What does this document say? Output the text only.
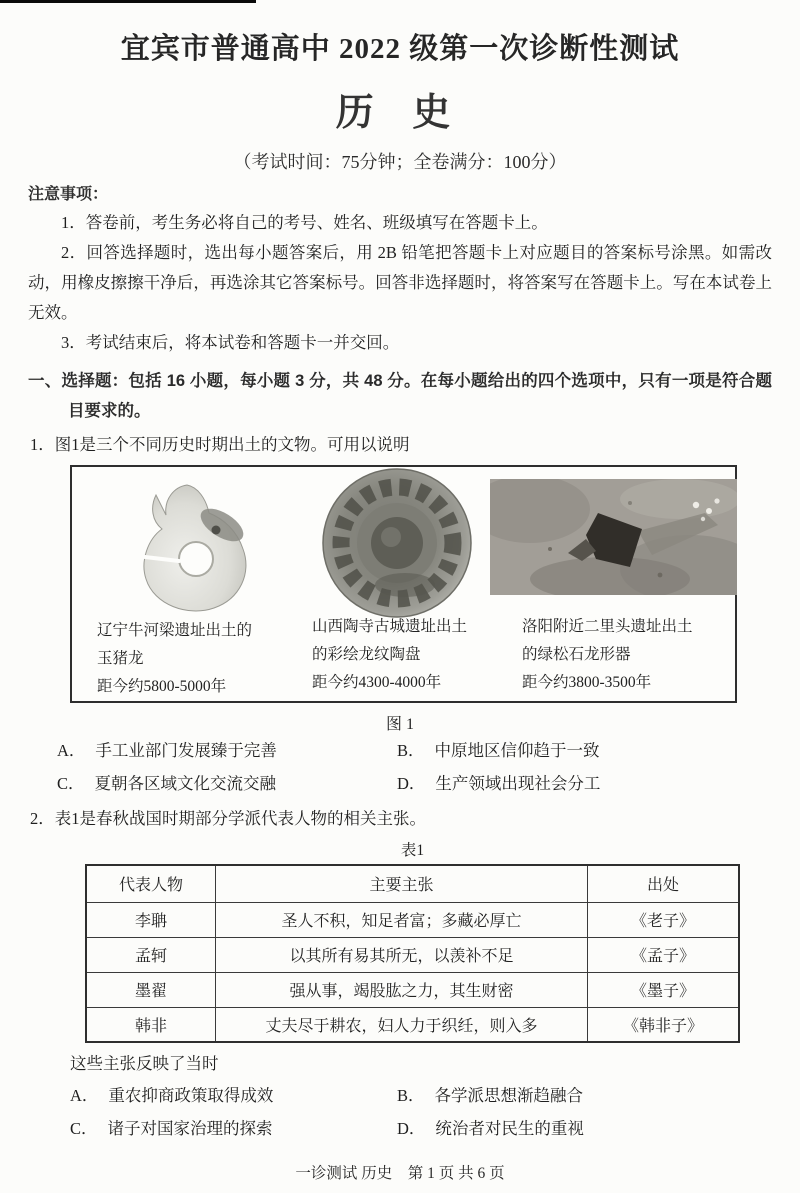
宜宾市普通高中 2022 级第一次诊断性测试
历 史
（考试时间：75分钟；全卷满分：100分）
注意事项：
1．答卷前，考生务必将自己的考号、姓名、班级填写在答题卡上。
2．回答选择题时，选出每小题答案后，用 2B 铅笔把答题卡上对应题目的答案标号涂黑。如需改动，用橡皮擦擦干净后，再选涂其它答案标号。回答非选择题时，将答案写在答题卡上。写在本试卷上无效。
3．考试结束后，将本试卷和答题卡一并交回。
一、选择题：包括 16 小题，每小题 3 分，共 48 分。在每小题给出的四个选项中，只有一项是符合题目要求的。
1．图1是三个不同历史时期出土的文物。可用以说明
辽宁牛河梁遗址出土的
玉猪龙
距今约5800-5000年
山西陶寺古城遗址出土
的彩绘龙纹陶盘
距今约4300-4000年
洛阳附近二里头遗址出土
的绿松石龙形器
距今约3800-3500年
图 1
A． 手工业部门发展臻于完善	B． 中原地区信仰趋于一致
C． 夏朝各区域文化交流交融	D． 生产领域出现社会分工
2．表1是春秋战国时期部分学派代表人物的相关主张。
表1
代表人物	主要主张	出处
李聃	圣人不积，知足者富；多藏必厚亡	《老子》
孟轲	以其所有易其所无，以羡补不足	《孟子》
墨翟	强从事，竭股肱之力，其生财密	《墨子》
韩非	丈夫尽于耕农，妇人力于织纴，则入多	《韩非子》
这些主张反映了当时
A． 重农抑商政策取得成效	B． 各学派思想渐趋融合
C． 诸子对国家治理的探索	D． 统治者对民生的重视
一诊测试 历史　第 1 页 共 6 页
